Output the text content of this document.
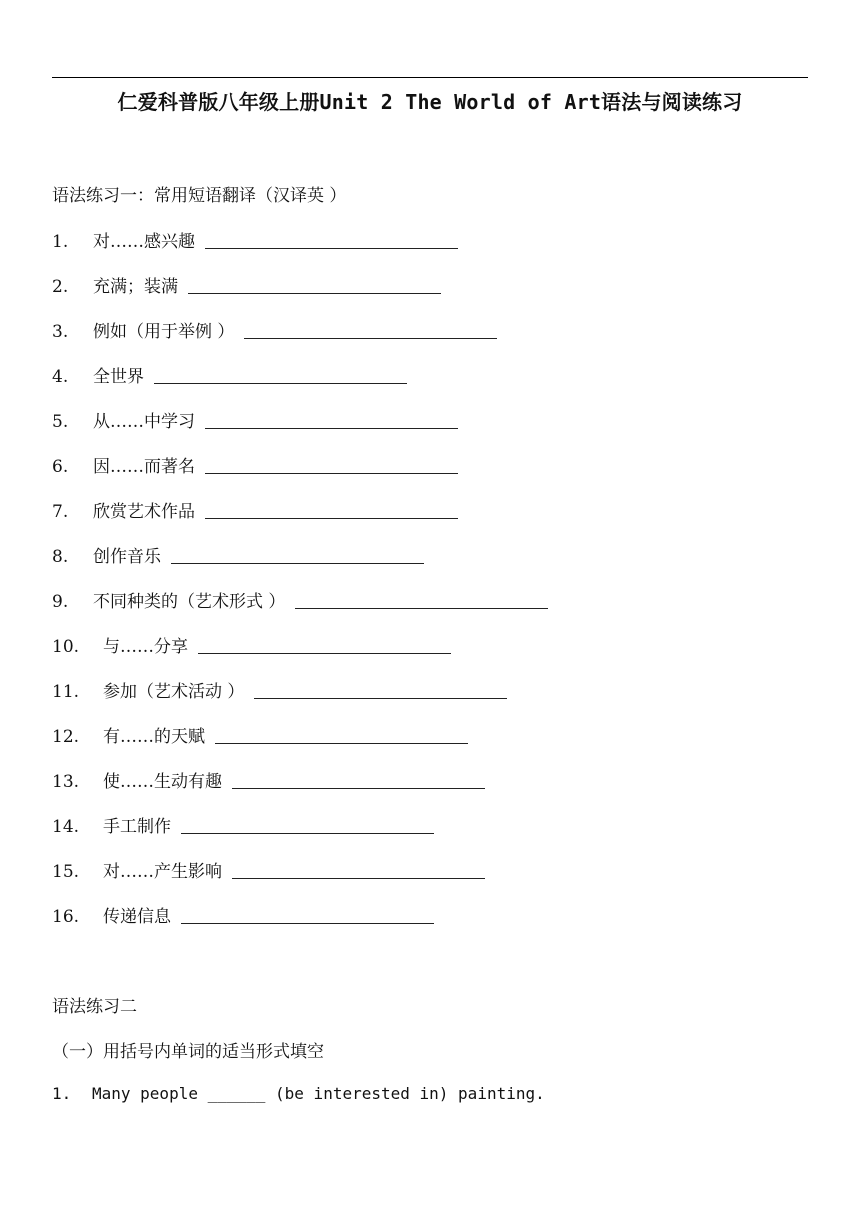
仁爱科普版八年级上册Unit 2 The World of Art语法与阅读练习
语法练习一：常用短语翻译（汉译英 ）
1.	对……感兴趣
2.	充满；装满
3.	例如（用于举例 ）
4.	全世界
5.	从……中学习
6.	因……而著名
7.	欣赏艺术作品
8.	创作音乐
9.	不同种类的（艺术形式 ）
10.	与……分享
11.	参加（艺术活动 ）
12.	有……的天赋
13.	使……生动有趣
14.	手工制作
15.	对……产生影响
16.	传递信息
语法练习二
（一）用括号内单词的适当形式填空
1. Many people ______ (be interested in) painting.
